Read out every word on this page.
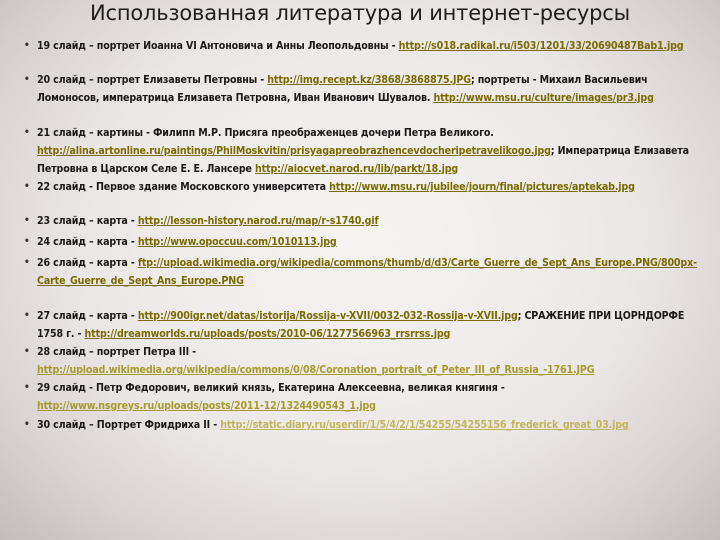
Использованная литература и интернет-ресурсы
• 19 слайд – портрет Иоанна VI Антоновича и Анны Леопольдовны - http://s018.radikal.ru/i503/1201/33/20690487Bab1.jpg
• 20 слайд – портрет Елизаветы Петровны - http://img.recept.kz/3868/3868875.JPG; портреты - Михаил Васильевич Ломоносов, императрица Елизавета Петровна, Иван Иванович Шувалов. http://www.msu.ru/culture/images/pr3.jpg
• 21 слайд – картины - Филипп М.Р. Присяга преображенцев дочери Петра Великого. http://alina.artonline.ru/paintings/PhilMoskvitin/prisyagapreobrazhencevdocheripetravelikogo.jpg; Императрица Елизавета Петровна в Царском Селе Е. Е. Лансере http://aiocvet.narod.ru/lib/parkt/18.jpg
• 22 слайд - Первое здание Московского университета http://www.msu.ru/jubilee/journ/final/pictures/aptekab.jpg
• 23 слайд – карта - http://lesson-history.narod.ru/map/r-s1740.gif
• 24 слайд – карта - http://www.opoccuu.com/1010113.jpg
• 26 слайд – карта - ftp://upload.wikimedia.org/wikipedia/commons/thumb/d/d3/Carte_Guerre_de_Sept_Ans_Europe.PNG/800px-Carte_Guerre_de_Sept_Ans_Europe.PNG
• 27 слайд – карта - http://900igr.net/datas/istorija/Rossija-v-XVII/0032-032-Rossija-v-XVII.jpg; СРАЖЕНИЕ ПРИ ЦОРНДОРФЕ 1758 г. - http://dreamworlds.ru/uploads/posts/2010-06/1277566963_rrsrrss.jpg
• 28 слайд – портрет Петра III - http://upload.wikimedia.org/wikipedia/commons/0/08/Coronation_portrait_of_Peter_III_of_Russia_-1761.JPG
• 29 слайд - Петр Федорович, великий князь, Екатерина Алексеевна, великая княгиня - http://www.nsgreys.ru/uploads/posts/2011-12/1324490543_1.jpg
• 30 слайд – Портрет Фридриха II - http://static.diary.ru/userdir/1/5/4/2/1/54255/54255156_frederick_great_03.jpg
